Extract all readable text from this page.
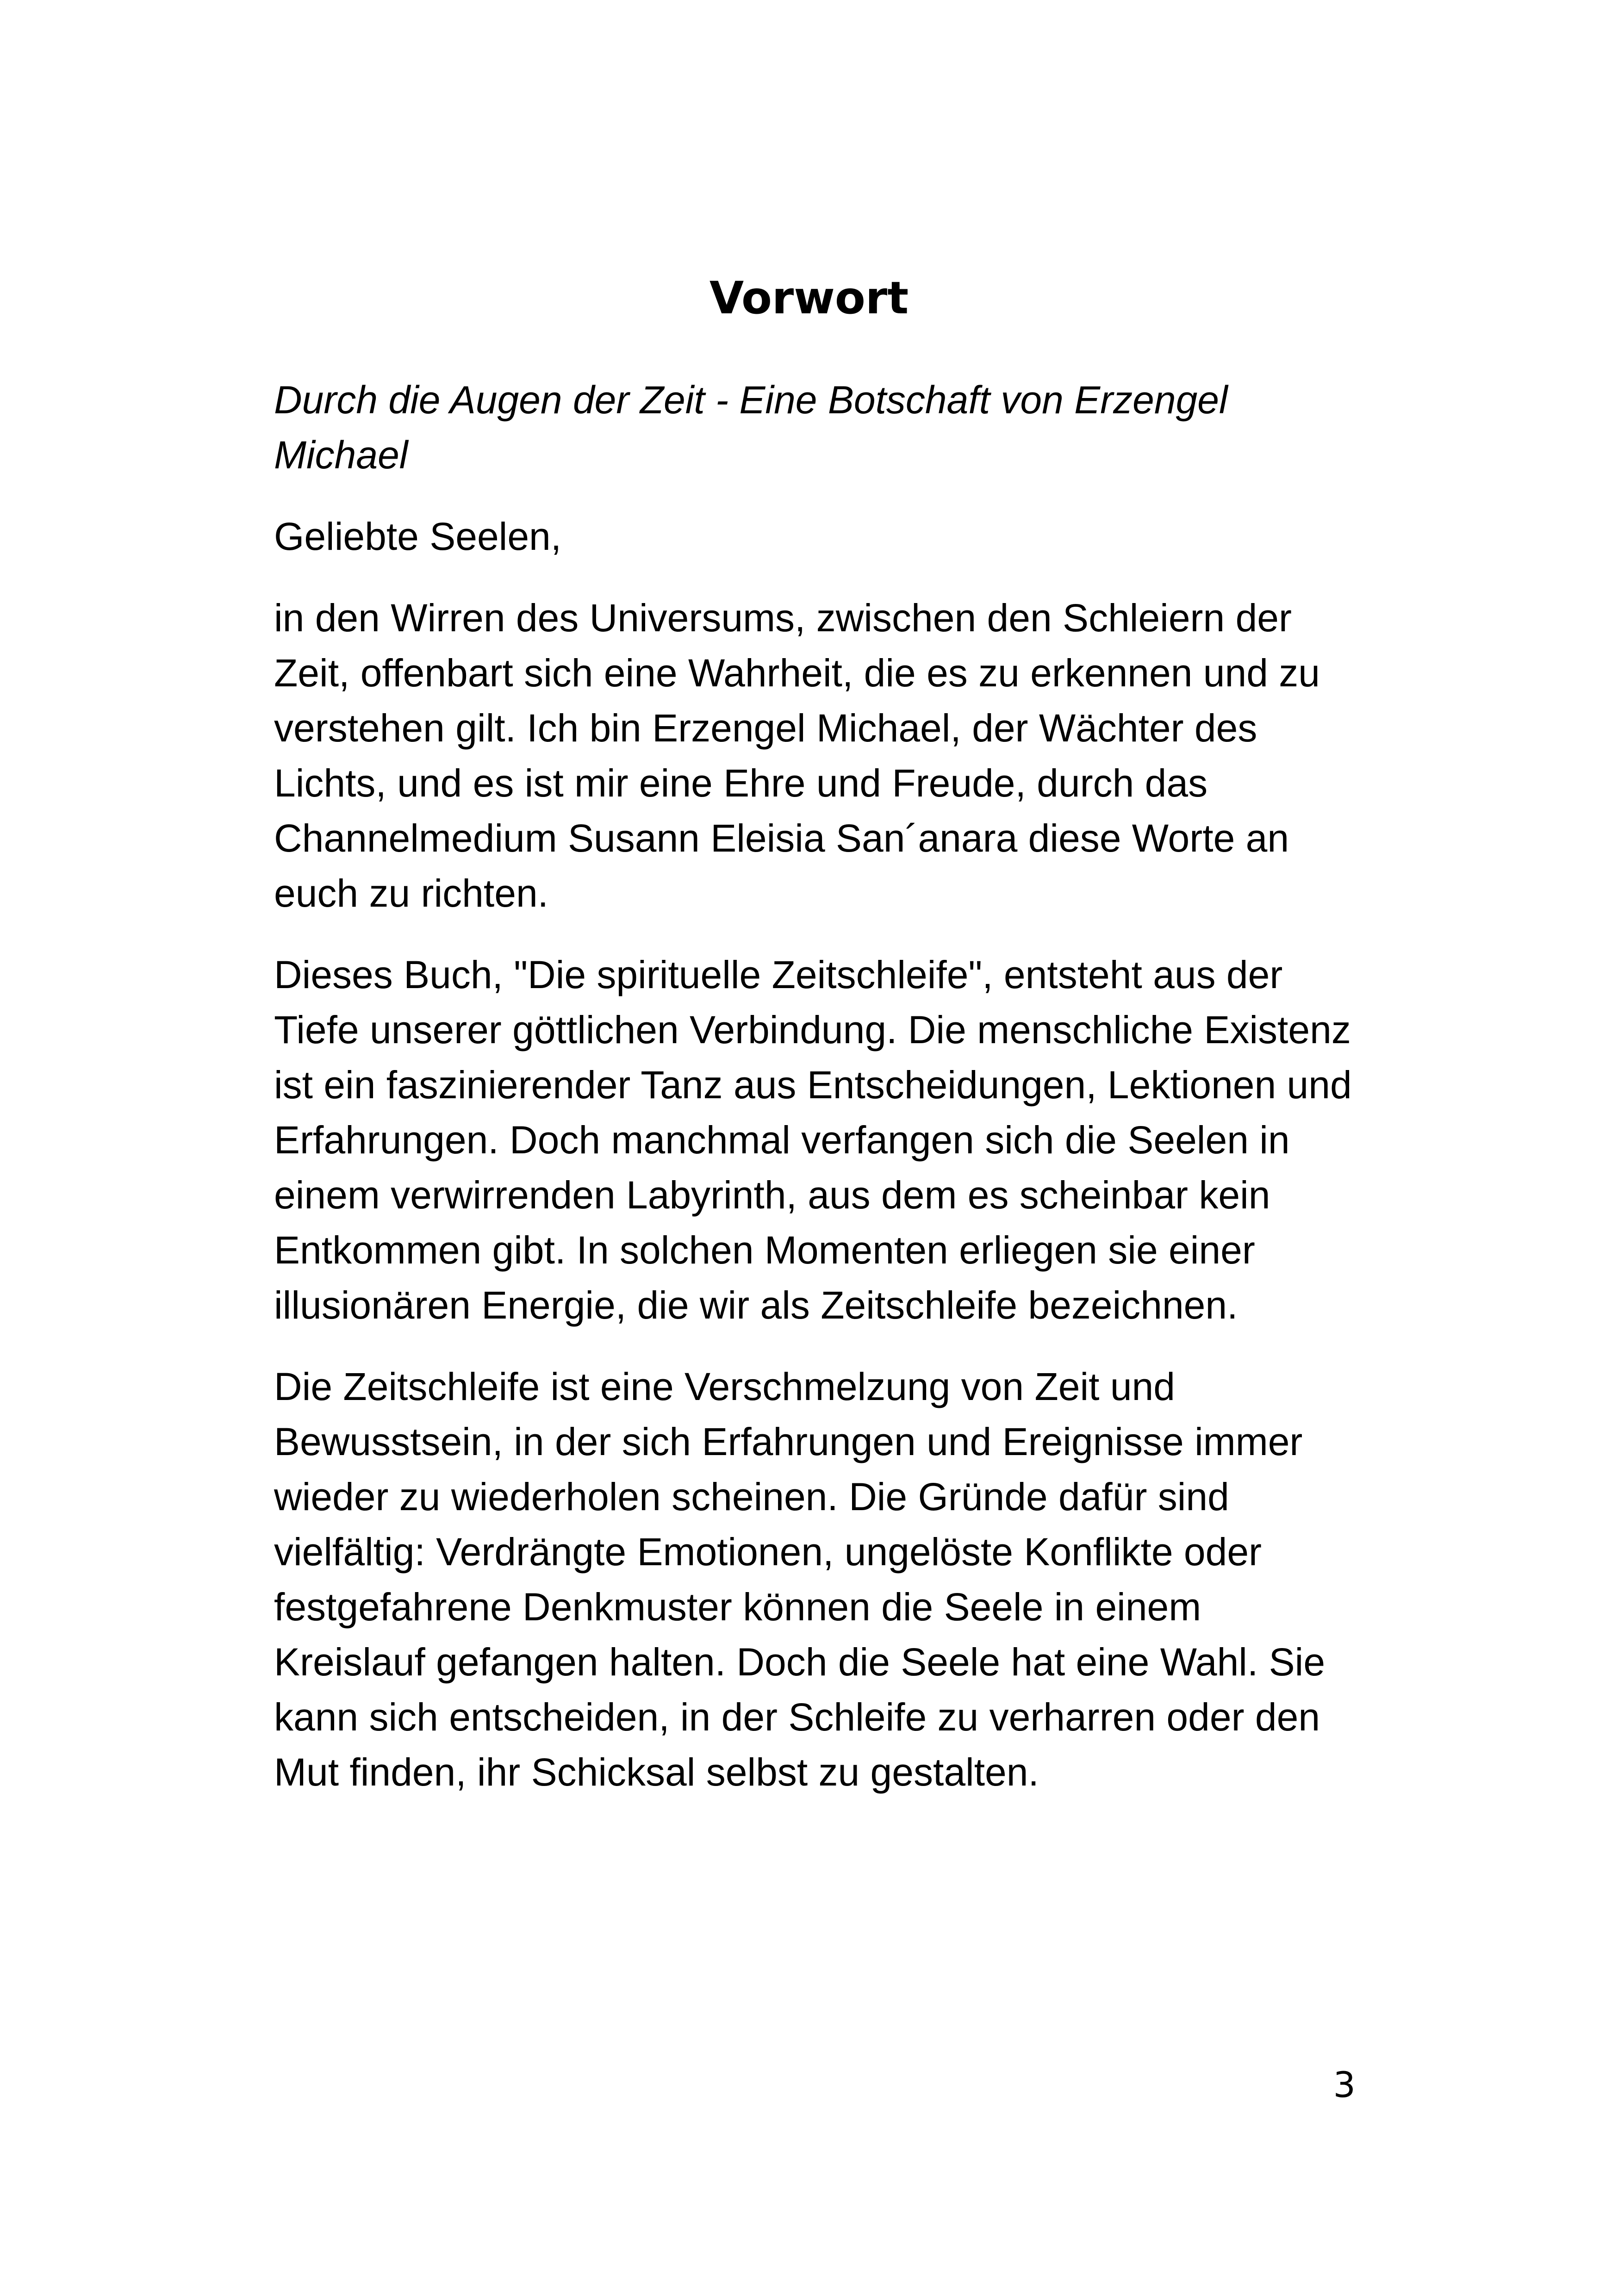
Vorwort

Durch die Augen der Zeit - Eine Botschaft von Erzengel Michael

Geliebte Seelen,

in den Wirren des Universums, zwischen den Schleiern der Zeit, offenbart sich eine Wahrheit, die es zu erkennen und zu verstehen gilt. Ich bin Erzengel Michael, der Wächter des Lichts, und es ist mir eine Ehre und Freude, durch das Channelmedium Susann Eleisia San´anara diese Worte an euch zu richten.

Dieses Buch, "Die spirituelle Zeitschleife", entsteht aus der Tiefe unserer göttlichen Verbindung. Die menschliche Existenz ist ein faszinierender Tanz aus Entscheidungen, Lektionen und Erfahrungen. Doch manchmal verfangen sich die Seelen in einem verwirrenden Labyrinth, aus dem es scheinbar kein Entkommen gibt. In solchen Momenten erliegen sie einer illusionären Energie, die wir als Zeitschleife bezeichnen.

Die Zeitschleife ist eine Verschmelzung von Zeit und Bewusstsein, in der sich Erfahrungen und Ereignisse immer wieder zu wiederholen scheinen. Die Gründe dafür sind vielfältig: Verdrängte Emotionen, ungelöste Konflikte oder festgefahrene Denkmuster können die Seele in einem Kreislauf gefangen halten. Doch die Seele hat eine Wahl. Sie kann sich entscheiden, in der Schleife zu verharren oder den Mut finden, ihr Schicksal selbst zu gestalten.

3
